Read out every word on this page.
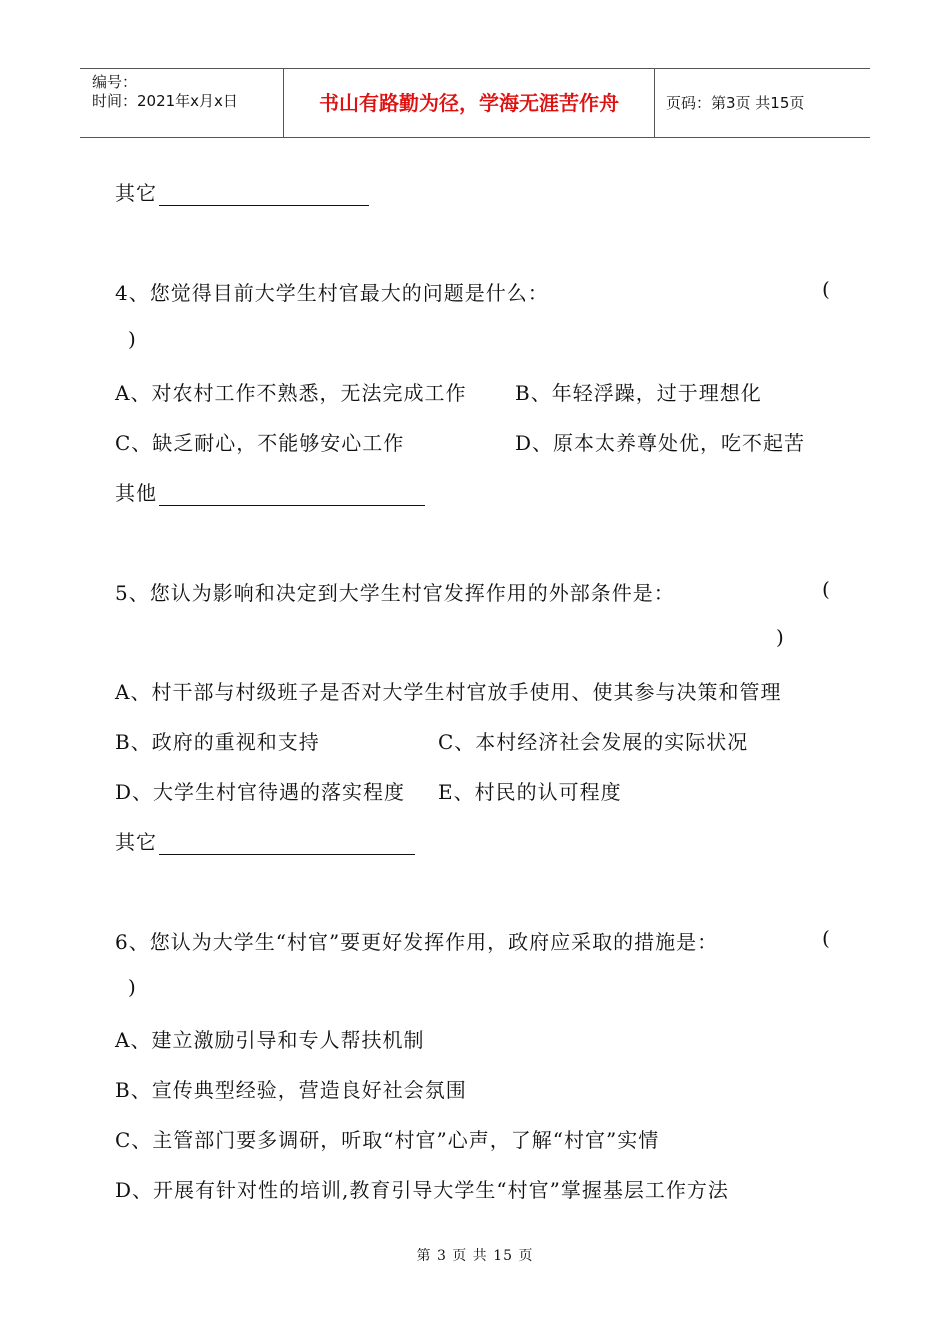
编号：
时间：2021年x月x日	书山有路勤为径，学海无涯苦作舟	页码：第3页 共15页
其它
4、您觉得目前大学生村官最大的问题是什么：	(
)
A、对农村工作不熟悉，无法完成工作 B、年轻浮躁，过于理想化
C、缺乏耐心，不能够安心工作	D、原本太养尊处优，吃不起苦
其他
5、您认为影响和决定到大学生村官发挥作用的外部条件是：	(
)
A、村干部与村级班子是否对大学生村官放手使用、使其参与决策和管理
B、政府的重视和支持	C、本村经济社会发展的实际状况
D、大学生村官待遇的落实程度 E、村民的认可程度
其它
6、您认为大学生“村官”要更好发挥作用，政府应采取的措施是：	(
)
A、建立激励引导和专人帮扶机制
B、宣传典型经验，营造良好社会氛围
C、主管部门要多调研，听取“村官”心声，了解“村官”实情
D、开展有针对性的培训,教育引导大学生“村官”掌握基层工作方法
第 3 页 共 15 页
